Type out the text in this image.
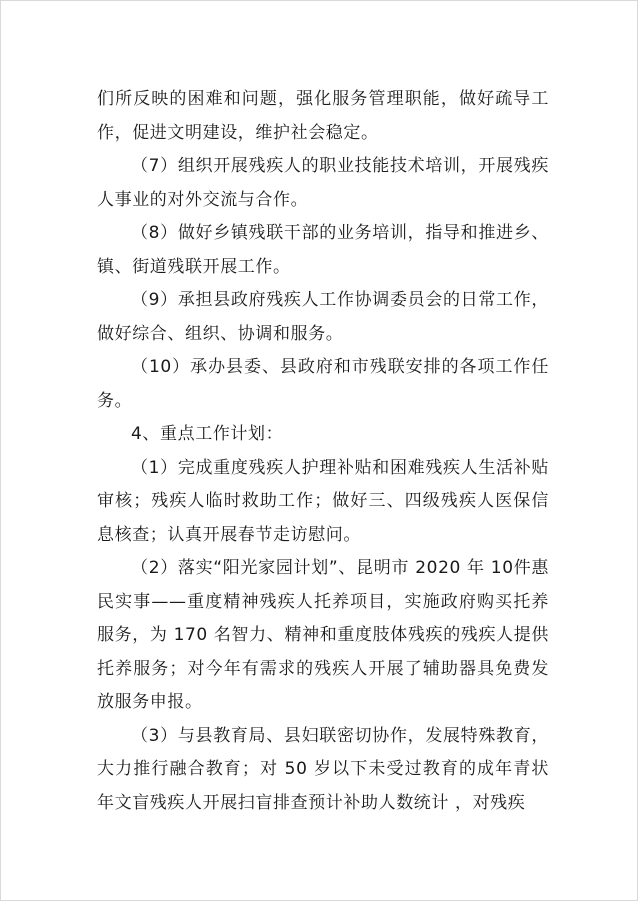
们所反映的困难和问题，强化服务管理职能，做好疏导工作，促进文明建设，维护社会稳定。

（7）组织开展残疾人的职业技能技术培训，开展残疾人事业的对外交流与合作。

（8）做好乡镇残联干部的业务培训，指导和推进乡、镇、街道残联开展工作。

（9）承担县政府残疾人工作协调委员会的日常工作，做好综合、组织、协调和服务。

（10）承办县委、县政府和市残联安排的各项工作任务。

4、重点工作计划：

（1）完成重度残疾人护理补贴和困难残疾人生活补贴审核；残疾人临时救助工作；做好三、四级残疾人医保信息核查；认真开展春节走访慰问。

（2）落实“阳光家园计划”、昆明市 2020 年 10件惠民实事——重度精神残疾人托养项目，实施政府购买托养服务，为 170 名智力、精神和重度肢体残疾的残疾人提供托养服务；对今年有需求的残疾人开展了辅助器具免费发放服务申报。

（3）与县教育局、县妇联密切协作，发展特殊教育，大力推行融合教育；对 50 岁以下未受过教育的成年青状年文盲残疾人开展扫盲排查预计补助人数统计 ，对残疾
